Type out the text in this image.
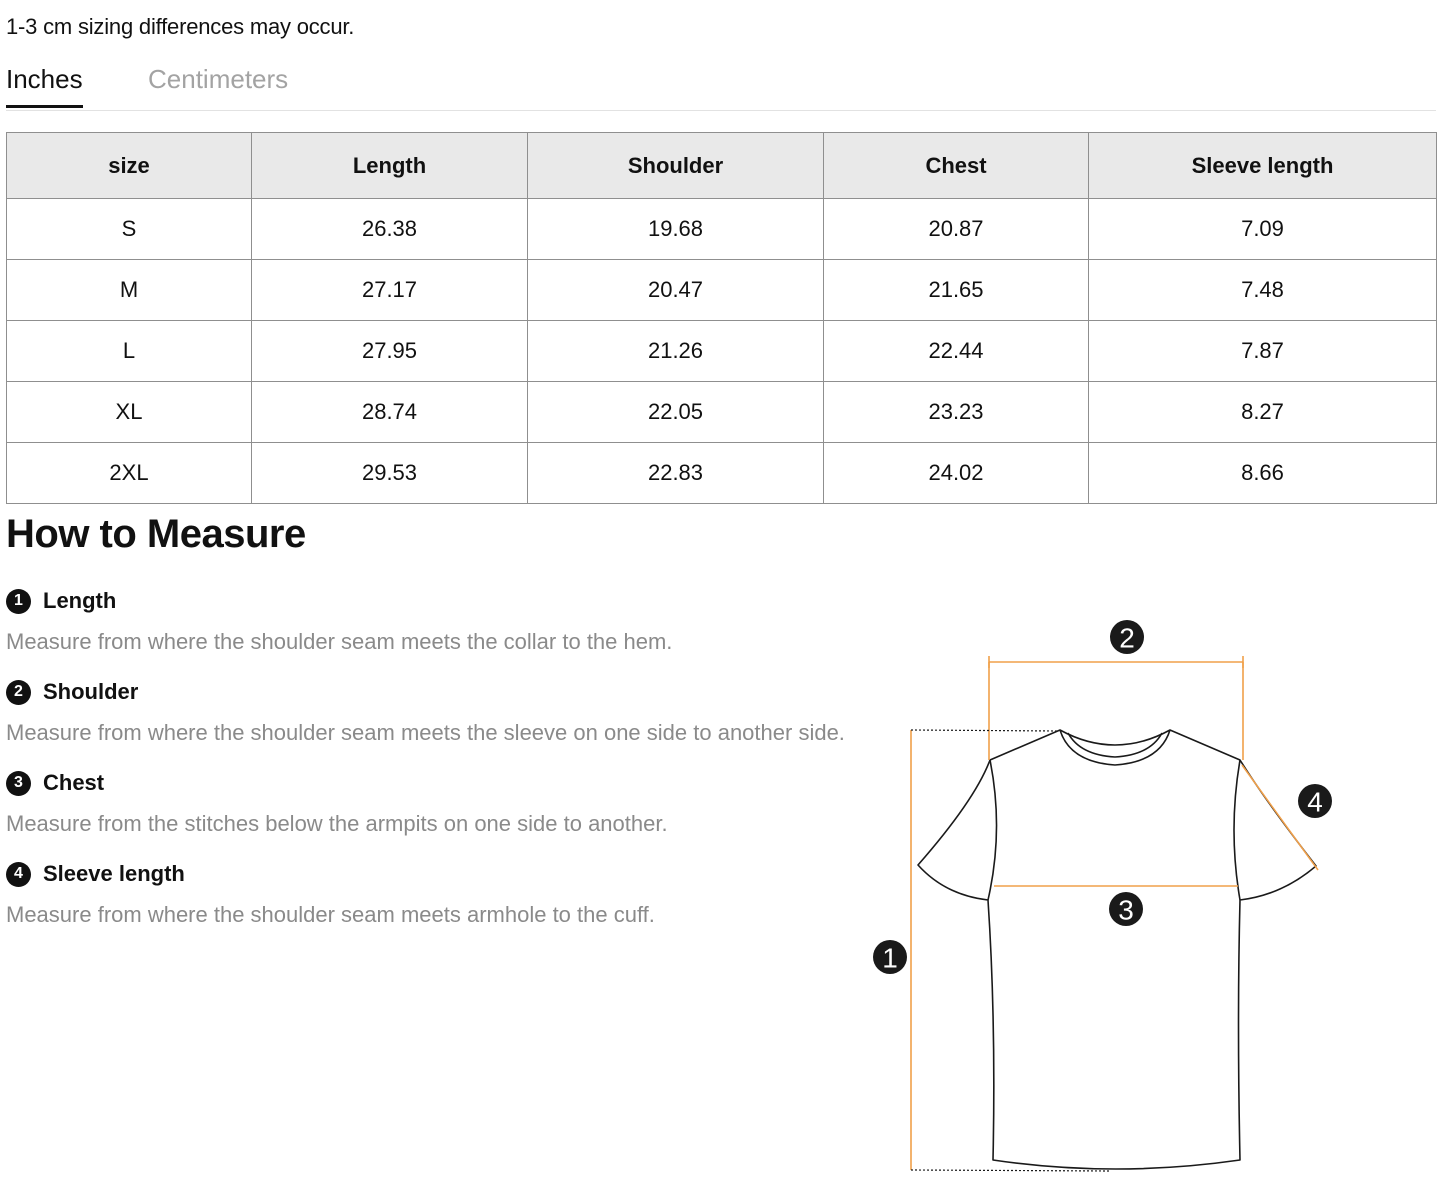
1-3 cm sizing differences may occur.
Inches	Centimeters
size	Length	Shoulder	Chest	Sleeve length
S	26.38	19.68	20.87	7.09
M	27.17	20.47	21.65	7.48
L	27.95	21.26	22.44	7.87
XL	28.74	22.05	23.23	8.27
2XL	29.53	22.83	24.02	8.66
How to Measure
1 Length
Measure from where the shoulder seam meets the collar to the hem.
2 Shoulder
Measure from where the shoulder seam meets the sleeve on one side to another side.
3 Chest
Measure from the stitches below the armpits on one side to another.
4 Sleeve length
Measure from where the shoulder seam meets armhole to the cuff.
1
2
3
4
